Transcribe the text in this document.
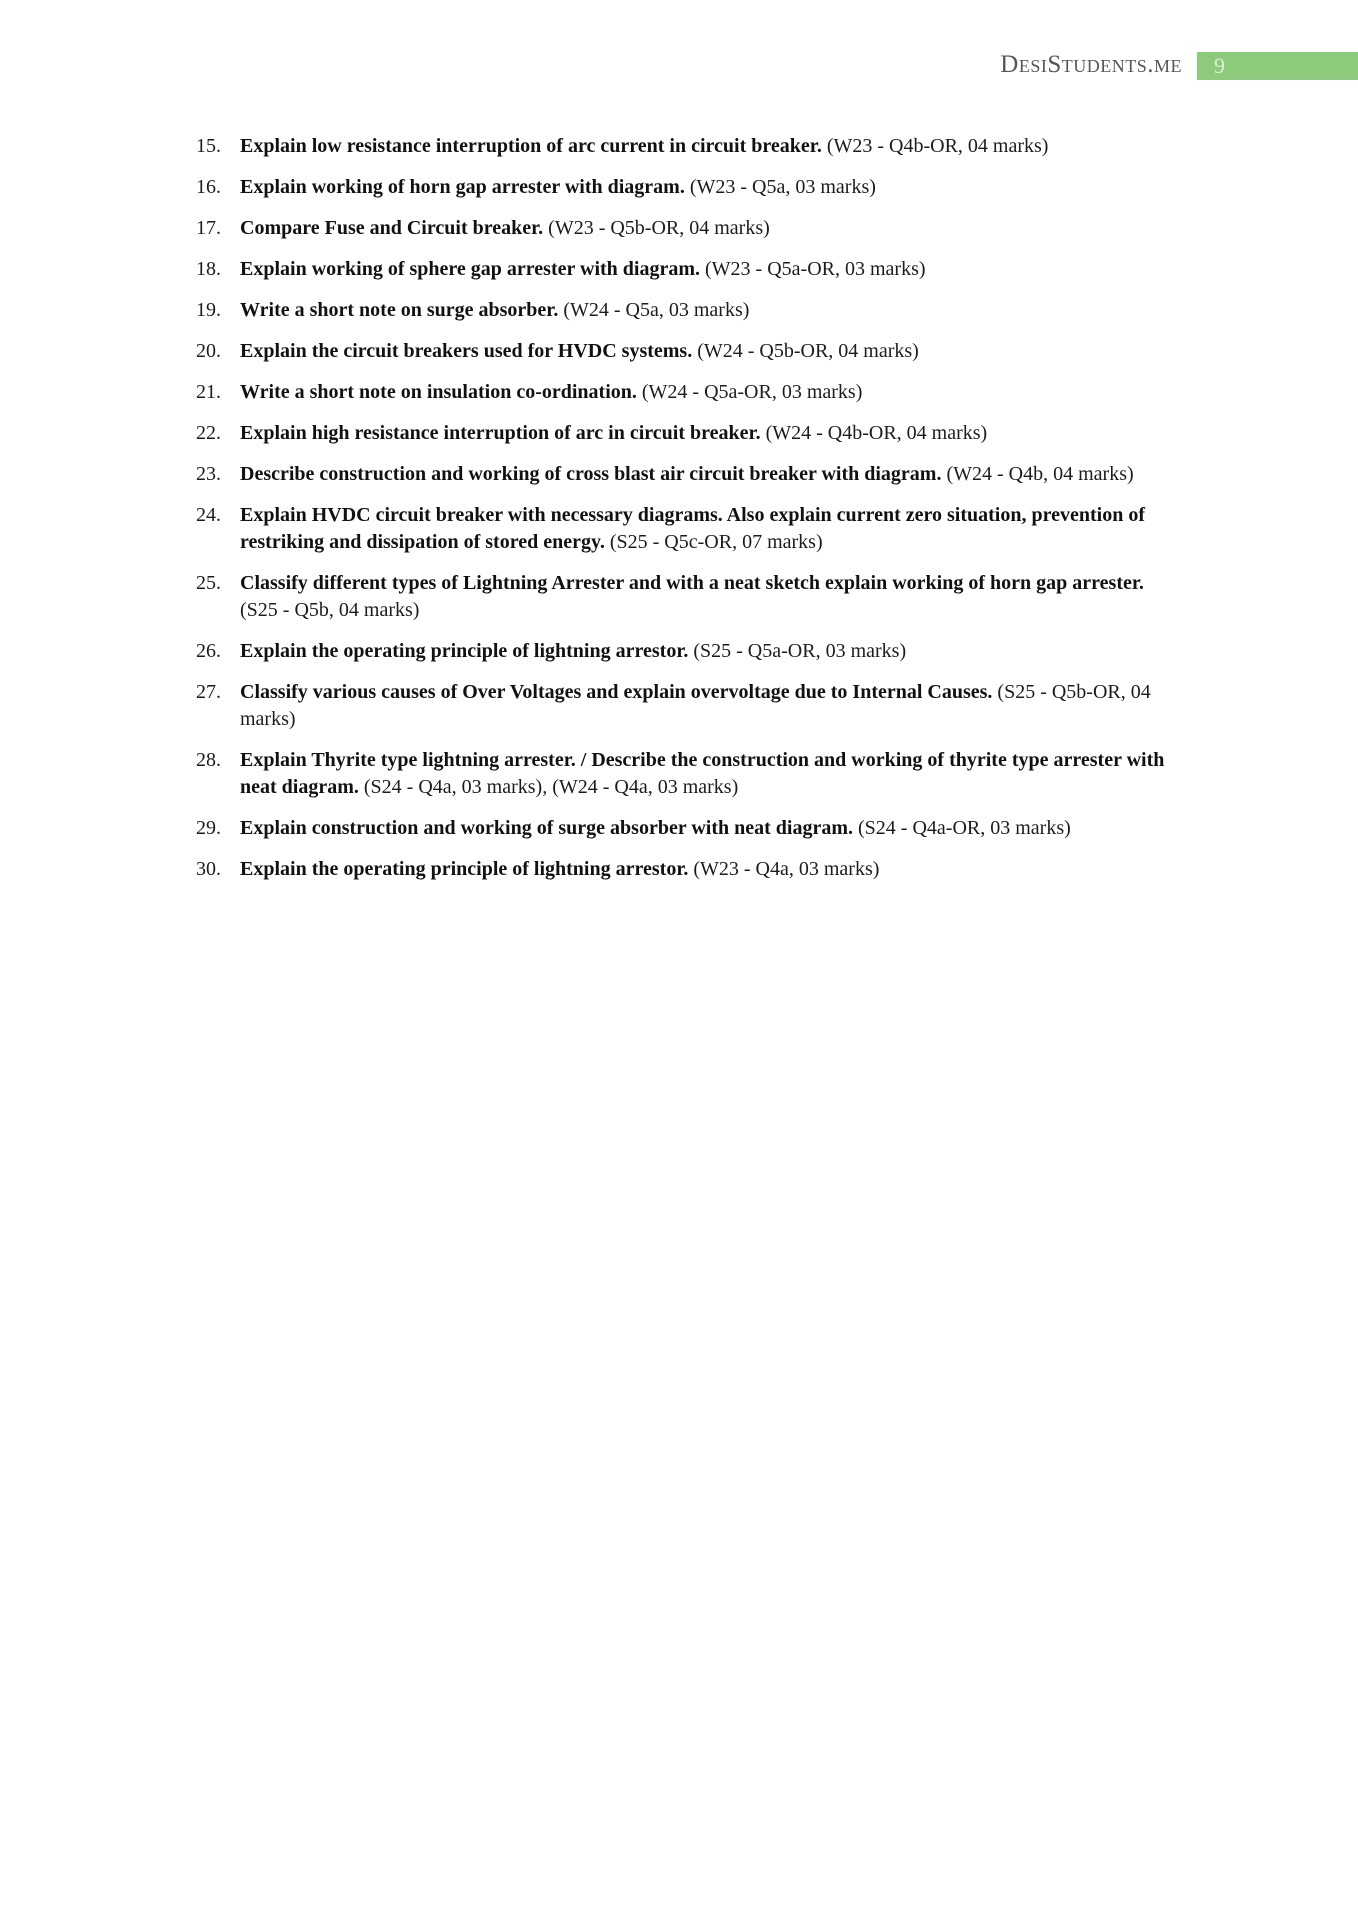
DesiStudents.me	9
15. Explain low resistance interruption of arc current in circuit breaker. (W23 - Q4b-OR, 04 marks)
16. Explain working of horn gap arrester with diagram. (W23 - Q5a, 03 marks)
17. Compare Fuse and Circuit breaker. (W23 - Q5b-OR, 04 marks)
18. Explain working of sphere gap arrester with diagram. (W23 - Q5a-OR, 03 marks)
19. Write a short note on surge absorber. (W24 - Q5a, 03 marks)
20. Explain the circuit breakers used for HVDC systems. (W24 - Q5b-OR, 04 marks)
21. Write a short note on insulation co-ordination. (W24 - Q5a-OR, 03 marks)
22. Explain high resistance interruption of arc in circuit breaker. (W24 - Q4b-OR, 04 marks)
23. Describe construction and working of cross blast air circuit breaker with diagram. (W24 - Q4b, 04 marks)
24. Explain HVDC circuit breaker with necessary diagrams. Also explain current zero situation, prevention of restriking and dissipation of stored energy. (S25 - Q5c-OR, 07 marks)
25. Classify different types of Lightning Arrester and with a neat sketch explain working of horn gap arrester. (S25 - Q5b, 04 marks)
26. Explain the operating principle of lightning arrestor. (S25 - Q5a-OR, 03 marks)
27. Classify various causes of Over Voltages and explain overvoltage due to Internal Causes. (S25 - Q5b-OR, 04 marks)
28. Explain Thyrite type lightning arrester. / Describe the construction and working of thyrite type arrester with neat diagram. (S24 - Q4a, 03 marks), (W24 - Q4a, 03 marks)
29. Explain construction and working of surge absorber with neat diagram. (S24 - Q4a-OR, 03 marks)
30. Explain the operating principle of lightning arrestor. (W23 - Q4a, 03 marks)
